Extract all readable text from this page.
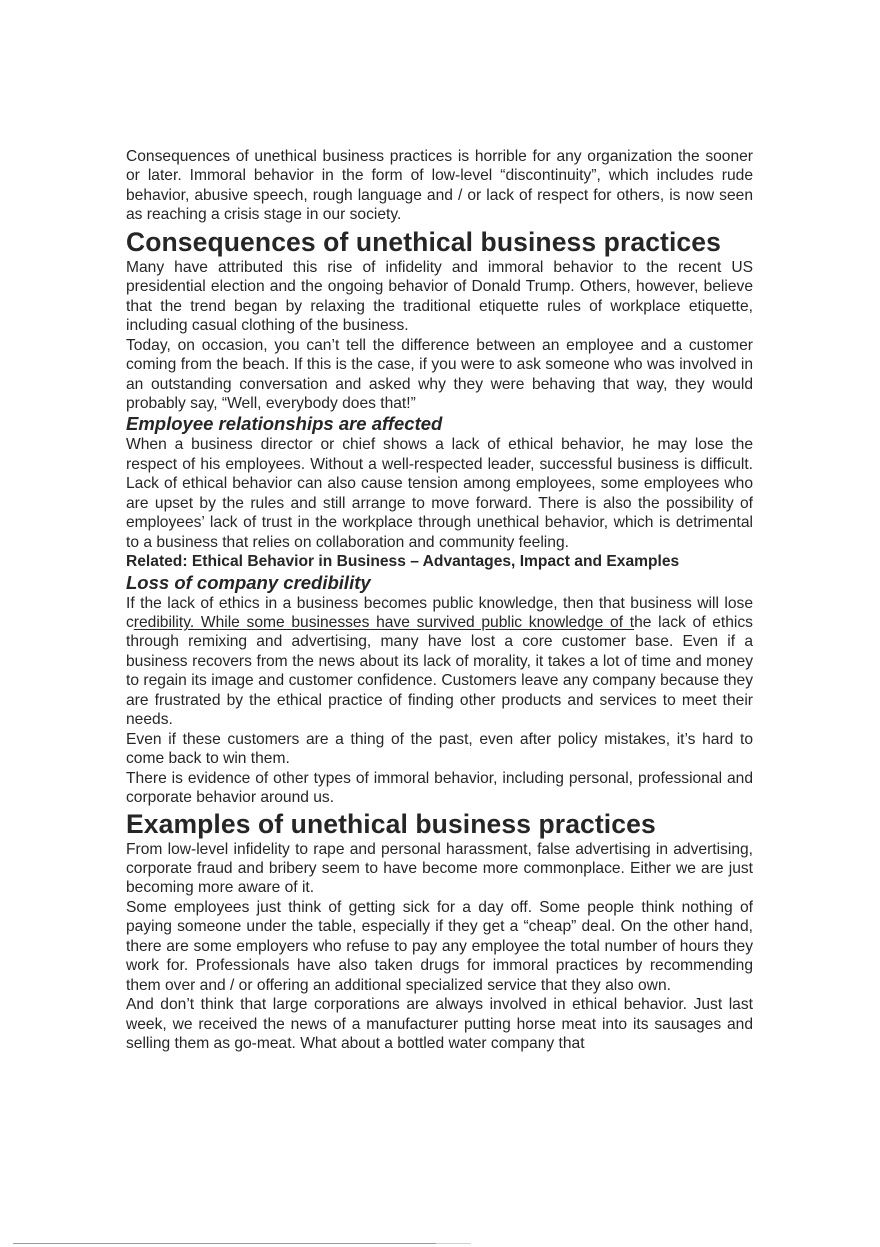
Consequences of unethical business practices is horrible for any organization the sooner or later. Immoral behavior in the form of low-level “discontinuity”, which includes rude behavior, abusive speech, rough language and / or lack of respect for others, is now seen as reaching a crisis stage in our society.

Consequences of unethical business practices

Many have attributed this rise of infidelity and immoral behavior to the recent US presidential election and the ongoing behavior of Donald Trump. Others, however, believe that the trend began by relaxing the traditional etiquette rules of workplace etiquette, including casual clothing of the business.

Today, on occasion, you can’t tell the difference between an employee and a customer coming from the beach. If this is the case, if you were to ask someone who was involved in an outstanding conversation and asked why they were behaving that way, they would probably say, “Well, everybody does that!”

Employee relationships are affected

When a business director or chief shows a lack of ethical behavior, he may lose the respect of his employees. Without a well-respected leader, successful business is difficult. Lack of ethical behavior can also cause tension among employees, some employees who are upset by the rules and still arrange to move forward. There is also the possibility of employees’ lack of trust in the workplace through unethical behavior, which is detrimental to a business that relies on collaboration and community feeling.

Related: Ethical Behavior in Business – Advantages, Impact and Examples

Loss of company credibility

If the lack of ethics in a business becomes public knowledge, then that business will lose credibility. While some businesses have survived public knowledge of the lack of ethics through remixing and advertising, many have lost a core customer base. Even if a business recovers from the news about its lack of morality, it takes a lot of time and money to regain its image and customer confidence. Customers leave any company because they are frustrated by the ethical practice of finding other products and services to meet their needs.

Even if these customers are a thing of the past, even after policy mistakes, it’s hard to come back to win them.

There is evidence of other types of immoral behavior, including personal, professional and corporate behavior around us.

Examples of unethical business practices

From low-level infidelity to rape and personal harassment, false advertising in advertising, corporate fraud and bribery seem to have become more commonplace. Either we are just becoming more aware of it.

Some employees just think of getting sick for a day off. Some people think nothing of paying someone under the table, especially if they get a “cheap” deal. On the other hand, there are some employers who refuse to pay any employee the total number of hours they work for. Professionals have also taken drugs for immoral practices by recommending them over and / or offering an additional specialized service that they also own.

And don’t think that large corporations are always involved in ethical behavior. Just last week, we received the news of a manufacturer putting horse meat into its sausages and selling them as go-meat. What about a bottled water company that
